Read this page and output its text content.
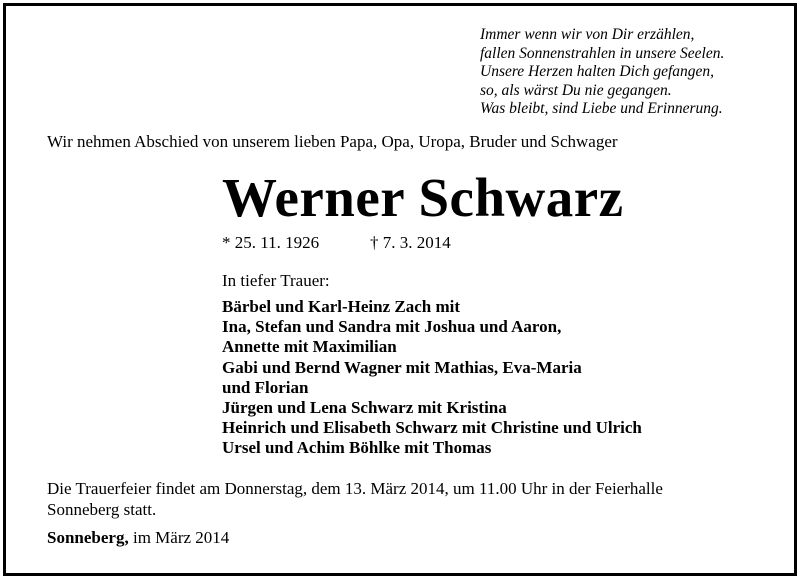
Immer wenn wir von Dir erzählen,
fallen Sonnenstrahlen in unsere Seelen.
Unsere Herzen halten Dich gefangen,
so, als wärst Du nie gegangen.
Was bleibt, sind Liebe und Erinnerung.
Wir nehmen Abschied von unserem lieben Papa, Opa, Uropa, Bruder und Schwager
Werner Schwarz
* 25. 11. 1926	† 7. 3. 2014
In tiefer Trauer:
Bärbel und Karl-Heinz Zach mit
Ina, Stefan und Sandra mit Joshua und Aaron,
Annette mit Maximilian
Gabi und Bernd Wagner mit Mathias, Eva-Maria
und Florian
Jürgen und Lena Schwarz mit Kristina
Heinrich und Elisabeth Schwarz mit Christine und Ulrich
Ursel und Achim Böhlke mit Thomas
Die Trauerfeier findet am Donnerstag, dem 13. März 2014, um 11.00 Uhr in der Feierhalle
Sonneberg statt.
Sonneberg, im März 2014
